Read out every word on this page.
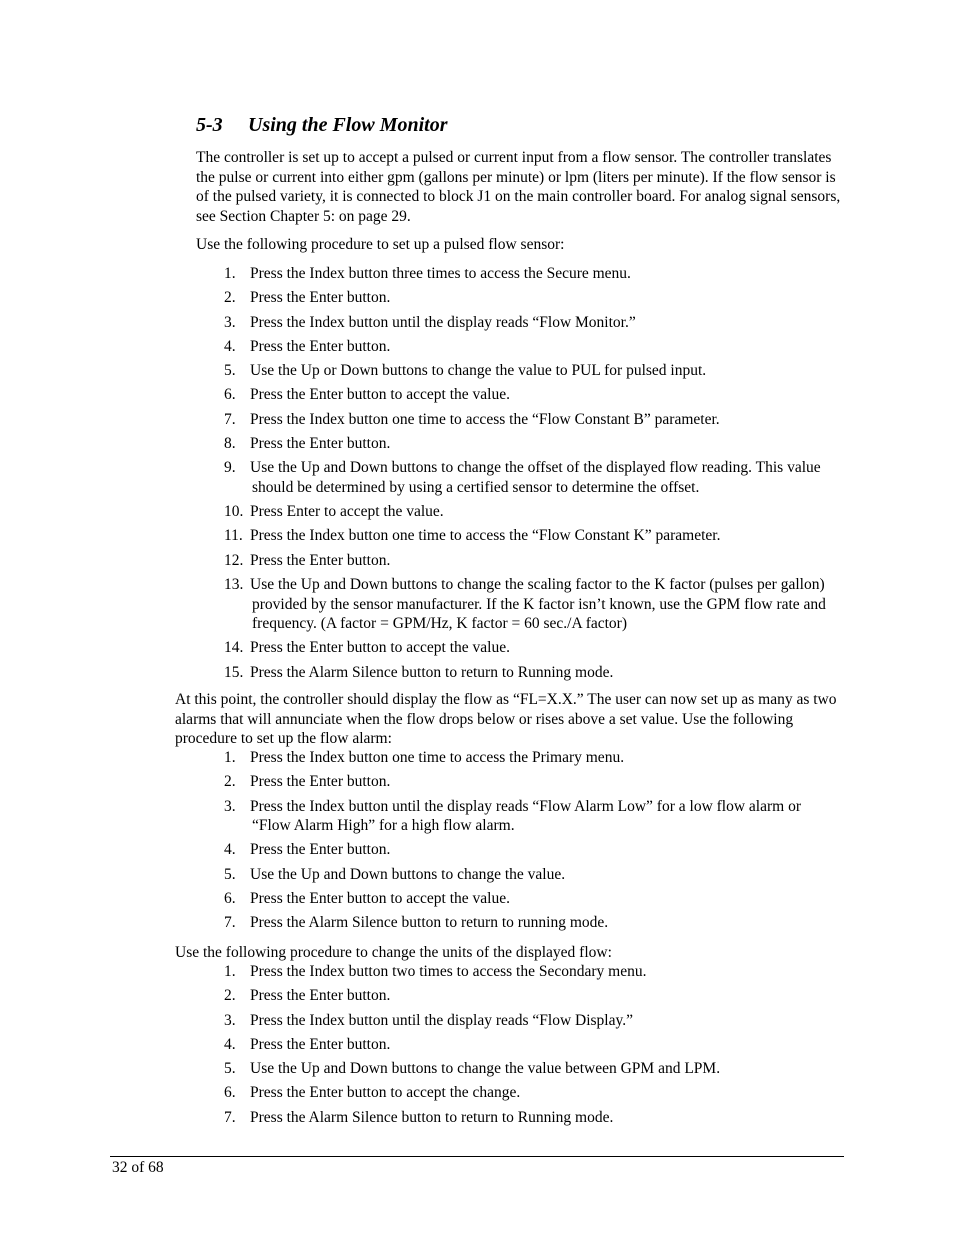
5-3 Using the Flow Monitor

The controller is set up to accept a pulsed or current input from a flow sensor. The controller translates the pulse or current into either gpm (gallons per minute) or lpm (liters per minute). If the flow sensor is of the pulsed variety, it is connected to block J1 on the main controller board. For analog signal sensors, see Section Chapter 5: on page 29.

Use the following procedure to set up a pulsed flow sensor:

1. Press the Index button three times to access the Secure menu.
2. Press the Enter button.
3. Press the Index button until the display reads “Flow Monitor.”
4. Press the Enter button.
5. Use the Up or Down buttons to change the value to PUL for pulsed input.
6. Press the Enter button to accept the value.
7. Press the Index button one time to access the “Flow Constant B” parameter.
8. Press the Enter button.
9. Use the Up and Down buttons to change the offset of the displayed flow reading. This value should be determined by using a certified sensor to determine the offset.
10. Press Enter to accept the value.
11. Press the Index button one time to access the “Flow Constant K” parameter.
12. Press the Enter button.
13. Use the Up and Down buttons to change the scaling factor to the K factor (pulses per gallon) provided by the sensor manufacturer. If the K factor isn’t known, use the GPM flow rate and frequency. (A factor = GPM/Hz, K factor = 60 sec./A factor)
14. Press the Enter button to accept the value.
15. Press the Alarm Silence button to return to Running mode.

At this point, the controller should display the flow as “FL=X.X.” The user can now set up as many as two alarms that will annunciate when the flow drops below or rises above a set value. Use the following procedure to set up the flow alarm:

1. Press the Index button one time to access the Primary menu.
2. Press the Enter button.
3. Press the Index button until the display reads “Flow Alarm Low” for a low flow alarm or “Flow Alarm High” for a high flow alarm.
4. Press the Enter button.
5. Use the Up and Down buttons to change the value.
6. Press the Enter button to accept the value.
7. Press the Alarm Silence button to return to running mode.

Use the following procedure to change the units of the displayed flow:

1. Press the Index button two times to access the Secondary menu.
2. Press the Enter button.
3. Press the Index button until the display reads “Flow Display.”
4. Press the Enter button.
5. Use the Up and Down buttons to change the value between GPM and LPM.
6. Press the Enter button to accept the change.
7. Press the Alarm Silence button to return to Running mode.
32 of 68
